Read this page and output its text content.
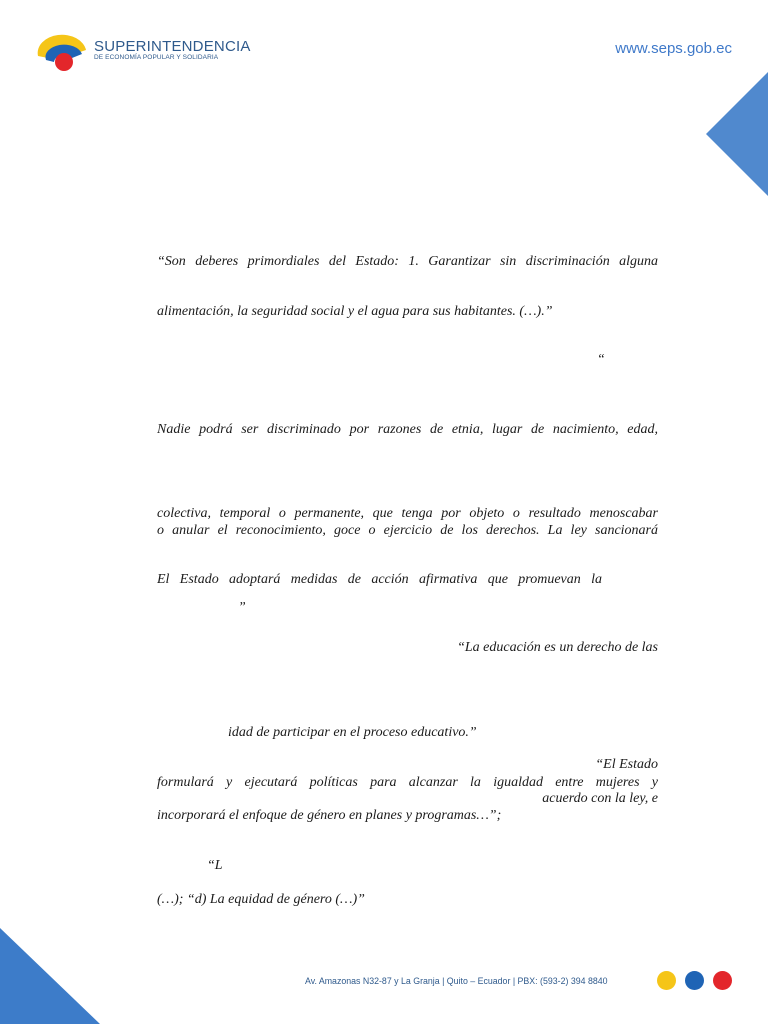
SUPERINTENDENCIA
DE ECONOMÍA POPULAR Y SOLIDARIA
www.seps.gob.ec

“Son deberes primordiales del Estado: 1. Garantizar sin discriminación alguna

alimentación, la seguridad social y el agua para sus habitantes. (…).”

“

Nadie podrá ser discriminado por razones de etnia, lugar de nacimiento, edad,

colectiva, temporal o permanente, que tenga por objeto o resultado menoscabar

o anular el reconocimiento, goce o ejercicio de los derechos. La ley sancionará

El Estado adoptará medidas de acción afirmativa que promuevan la

”

“La educación es un derecho de las

idad de participar en el proceso educativo.”

“El Estado

formulará y ejecutará políticas para alcanzar la igualdad entre mujeres y

acuerdo con la ley, e

incorporará el enfoque de género en planes y programas…”;

“L

(…); “d) La equidad de género (…)”

Av. Amazonas N32-87 y La Granja | Quito – Ecuador | PBX: (593-2) 394 8840
